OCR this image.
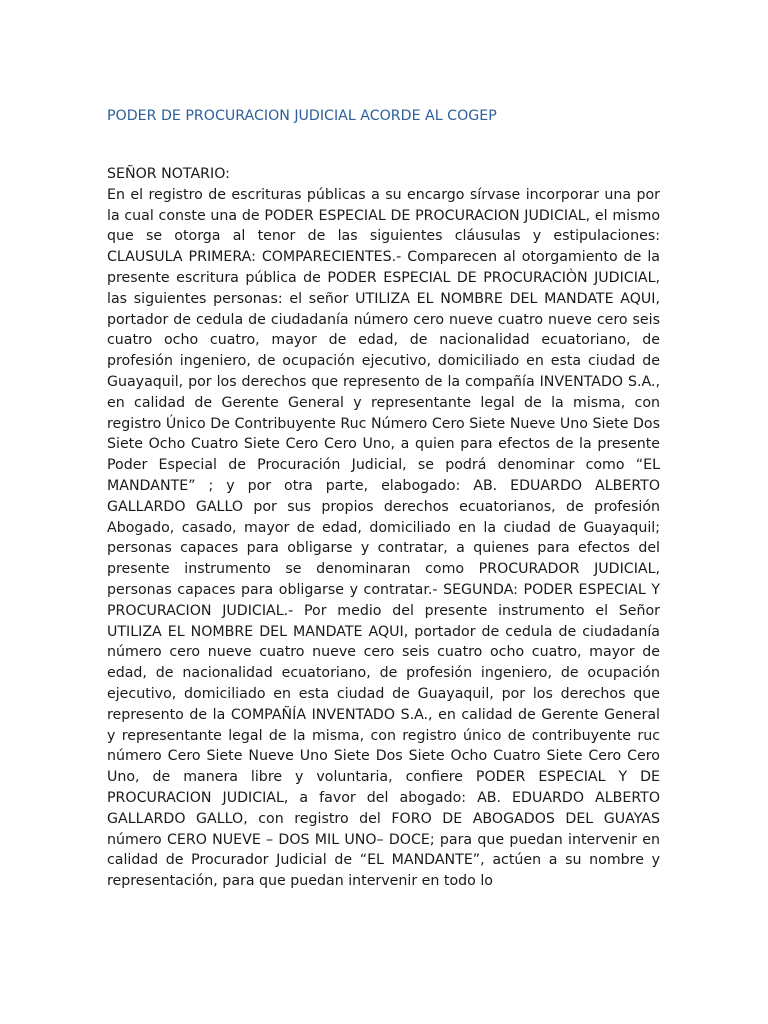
PODER DE PROCURACION JUDICIAL ACORDE AL COGEP

SEÑOR NOTARIO:

En el registro de escrituras públicas a su encargo sírvase incorporar una por la cual conste una de PODER ESPECIAL DE PROCURACION JUDICIAL, el mismo que se otorga al tenor de las siguientes cláusulas y estipulaciones: CLAUSULA PRIMERA: COMPARECIENTES.- Comparecen al otorgamiento de la presente escritura pública de PODER ESPECIAL DE PROCURACIÒN JUDICIAL, las siguientes personas: el señor UTILIZA EL NOMBRE DEL MANDATE AQUI, portador de cedula de ciudadanía número cero nueve cuatro nueve cero seis cuatro ocho cuatro, mayor de edad, de nacionalidad ecuatoriano, de profesión ingeniero, de ocupación ejecutivo, domiciliado en esta ciudad de Guayaquil, por los derechos que represento de la compañía INVENTADO S.A., en calidad de Gerente General y representante legal de la misma, con registro Único De Contribuyente Ruc Número Cero Siete Nueve Uno Siete Dos Siete Ocho Cuatro Siete Cero Cero Uno, a quien para efectos de la presente Poder Especial de Procuración Judicial, se podrá denominar como “EL MANDANTE” ; y por otra parte, elabogado: AB. EDUARDO ALBERTO GALLARDO GALLO por sus propios derechos ecuatorianos, de profesión Abogado, casado, mayor de edad, domiciliado en la ciudad de Guayaquil; personas capaces para obligarse y contratar, a quienes para efectos del presente instrumento se denominaran como PROCURADOR JUDICIAL, personas capaces para obligarse y contratar.- SEGUNDA: PODER ESPECIAL Y PROCURACION JUDICIAL.- Por medio del presente instrumento el Señor UTILIZA EL NOMBRE DEL MANDATE AQUI, portador de cedula de ciudadanía número cero nueve cuatro nueve cero seis cuatro ocho cuatro, mayor de edad, de nacionalidad ecuatoriano, de profesión ingeniero, de ocupación ejecutivo, domiciliado en esta ciudad de Guayaquil, por los derechos que represento de la COMPAÑÍA INVENTADO S.A., en calidad de Gerente General y representante legal de la misma, con registro único de contribuyente ruc número Cero Siete Nueve Uno Siete Dos Siete Ocho Cuatro Siete Cero Cero Uno, de manera libre y voluntaria, confiere PODER ESPECIAL Y DE PROCURACION JUDICIAL, a favor del abogado: AB. EDUARDO ALBERTO GALLARDO GALLO, con registro del FORO DE ABOGADOS DEL GUAYAS número CERO NUEVE – DOS MIL UNO– DOCE; para que puedan intervenir en calidad de Procurador Judicial de “EL MANDANTE”, actúen a su nombre y representación, para que puedan intervenir en todo lo
